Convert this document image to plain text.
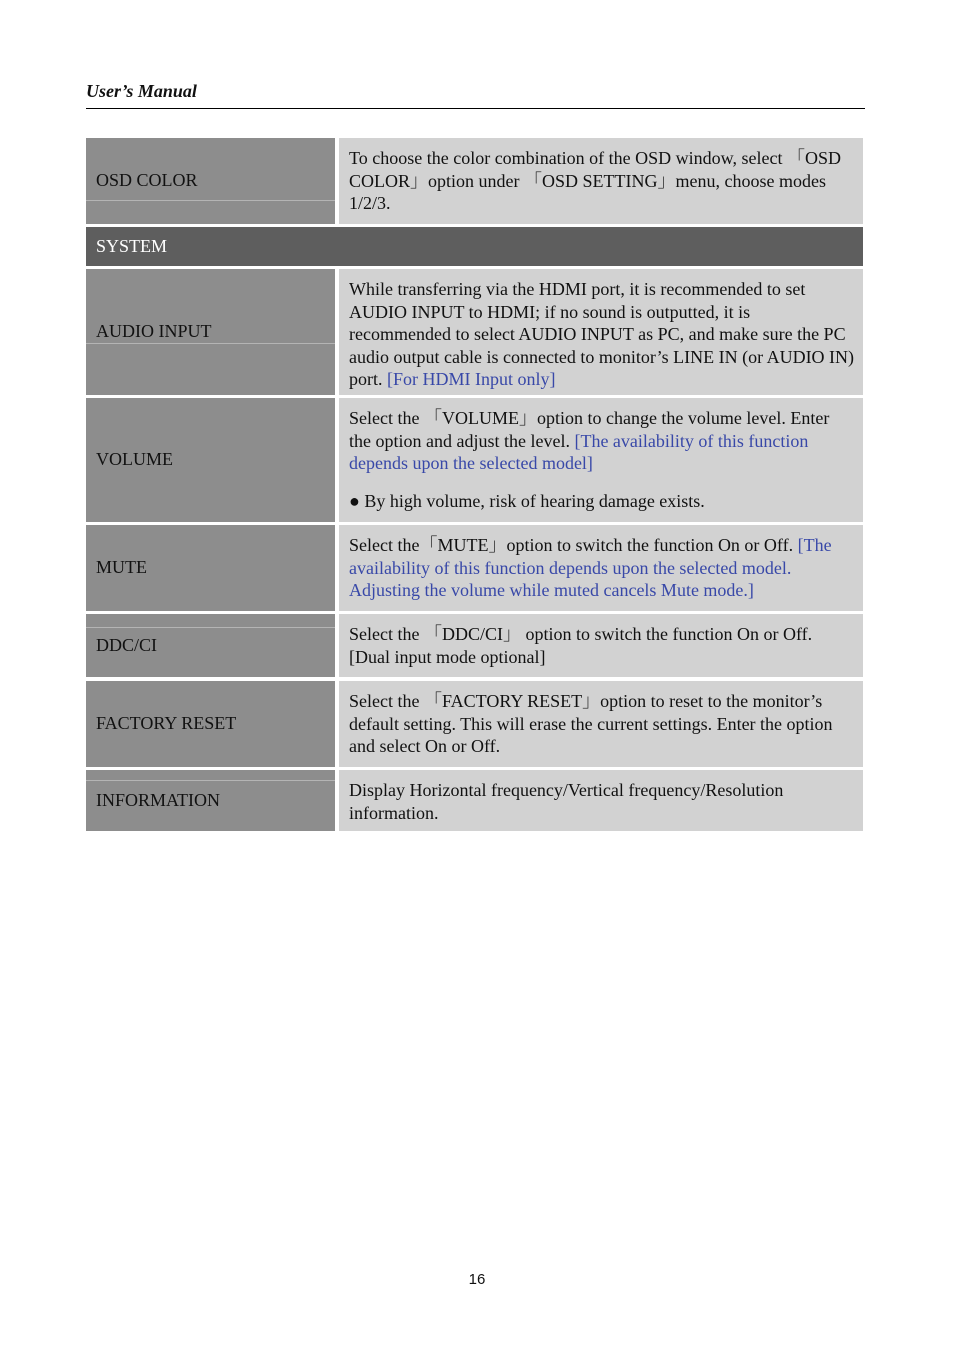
User’s Manual
OSD COLOR

To choose the color combination of the OSD window, select 「OSD COLOR」option under 「OSD SETTING」menu, choose modes 1/2/3.

SYSTEM
AUDIO INPUT

While transferring via the HDMI port, it is recommended to set AUDIO INPUT to HDMI; if no sound is outputted, it is recommended to select AUDIO INPUT as PC, and make sure the PC audio output cable is connected to monitor’s LINE IN (or AUDIO IN) port. [For HDMI Input only]

VOLUME

Select the 「VOLUME」option to change the volume level. Enter the option and adjust the level. [The availability of this function depends upon the selected model]

● By high volume, risk of hearing damage exists.

MUTE

Select the「MUTE」option to switch the function On or Off. [The availability of this function depends upon the selected model. Adjusting the volume while muted cancels Mute mode.]

DDC/CI

Select the 「DDC/CI」 option to switch the function On or Off. [Dual input mode optional]

FACTORY RESET

Select the 「FACTORY RESET」option to reset to the monitor’s default setting. This will erase the current settings. Enter the option and select On or Off.

INFORMATION	Display Horizontal frequency/Vertical frequency/Resolution information.

16
